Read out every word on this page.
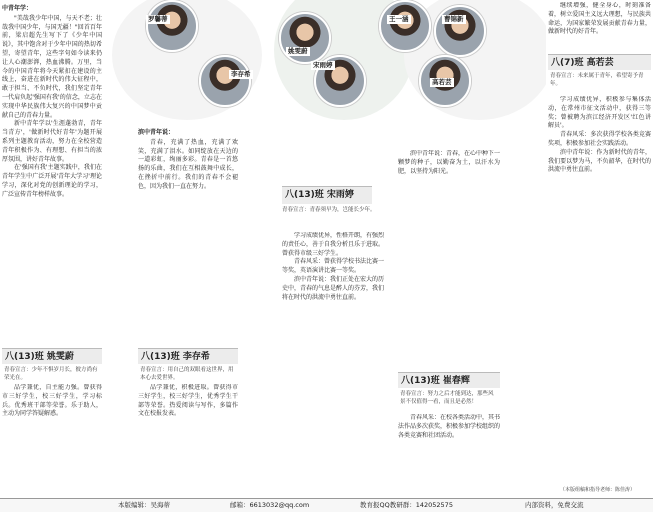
罗馨蒂
姚雯蔚
王一涵	曹锦新
李存希
宋雨婷
高若芸

中青年学：

"美哉我少年中国，与天不老；壮哉我中国少年，与国无疆！"回首百年前，梁启超先生写下了《少年中国说》，其中饱含对于少年中国的热切希望，寄望青年，这些字句如今读来仍让人心潮澎湃，热血沸腾。万里，当今的中国青年将今天紧扣在建设的主线上，奋进在新时代的伟大征程中，敢于担当、不负时代，我们坚定青年一代肩负起'强国有我'的信念，立志在实现中华民族伟大复兴的中国梦中贡献自己的青春力量。

新中青年学以'生涯蓬勃青，青年当青方'，'做新时代好青年'为题开展系列主题教育活动，努力在全校营造青年积极作为、有理想、有担当的浓厚氛围，讲好青年故事。

在'强国有我'主题实践中，我们在青年学生中广泛开展'青年大学习'理论学习，深化对党的创新理论的学习，广泛宣传青年榜样故事。

八(13)班 姚雯蔚
青春宣言：少年不惧岁月长，彼方尚有荣光在。

品学兼优，自主能力强。曾获得市三好学生，校三好学生，学习标兵。优秀班干部等荣誉。乐于助人，主动为同学答疑解惑。

滨中青年说：

青春，充满了热血，充满了欢笑，充满了泪水。如同绽放在天边的一道彩虹，绚丽多彩。青春是一首悠扬的乐曲，我们在互相鼓舞中成长，在挫折中前行。我们的青春不会褪色，因为我们一直在努力。

八(13)班 李存希
青春宣言：用自己的双眼看这世界，用本心去爱世界。

品学兼优，积极进取。曾获得市三好学生，校三好学生，优秀学生干部等荣誉。热爱阅读与写作，多篇作文在校报发表。

八(13)班 宋雨婷
青春宣言：青春须早为，岂能长少年。

学习成绩优异，性格开朗，有强烈的责任心，善于自我分析且乐于进取。曾获得市级三好学生。

青春风采：曾获得学校书法比赛一等奖，英语演讲比赛一等奖。

滨中青年说：我们正处在宏大的历史中，青春的气息是醉人的芬芳，我们将在时代的洪流中勇往直前。

滨中青年说：青春，在心中种下一颗梦的种子，以勤奋为土，以汗水为肥，以坚持为阳光。

八(13)班 崔春辉
青春宣言：努力之后才能到达，那些风景不仅值得一看，而且是必然！

青春风采：在校各类活动中，其书法作品多次获奖，积极参加学校组织的各类竞赛和社团活动。

继续增强，健全身心，时刻准备着，树立爱国主义远大理想，与民族共命运，为国家繁荣发展贡献青春力量，做新时代的好青年。

八(7)班 高若芸
青春宣言：未来属于青年，希望寄予青年。

学习成绩优异，积极参与集体活动，在常州市征文活动中，获得三等奖；曾被聘为滨江经济开发区'红色讲解员'。

青春风采：多次获得学校各类竞赛奖项，积极参加社会实践活动。

滨中青年说：作为新时代的青年，我们要以梦为马，不负韶华，在时代的洪流中勇往直前。

（本版组稿和指导老师：陈佳涛）
本版编辑：吴海蒂	邮箱：6613032@qq.com	教育报QQ教研群：142052575	内部资料，免费交流
